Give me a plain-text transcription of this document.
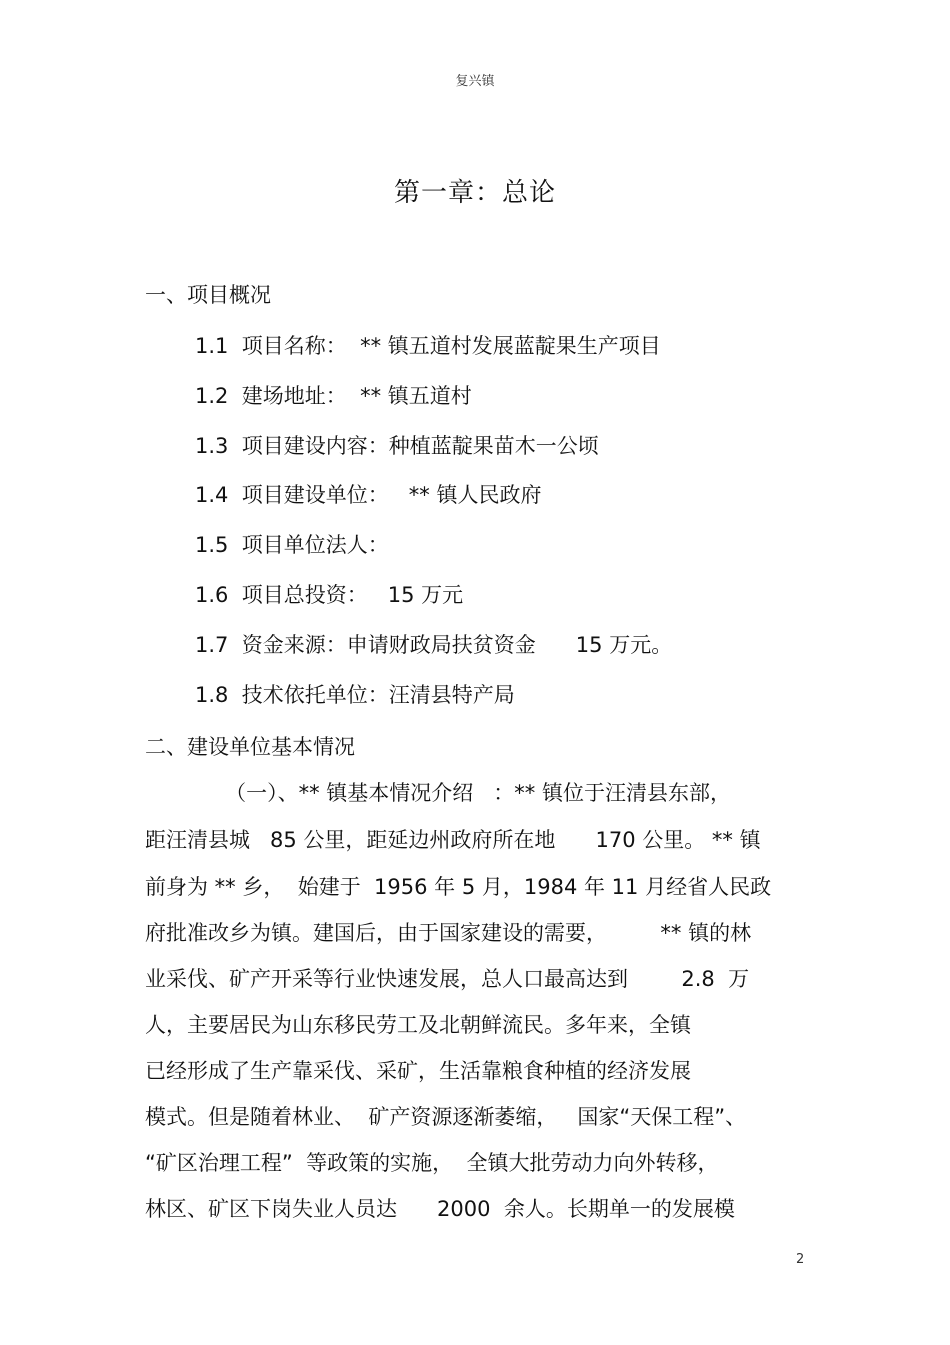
复兴镇
第一章：总论
一、项目概况
1.1  项目名称：  ** 镇五道村发展蓝靛果生产项目
1.2  建场地址：  ** 镇五道村
1.3  项目建设内容：种植蓝靛果苗木一公顷
1.4  项目建设单位：   ** 镇人民政府
1.5  项目单位法人：
1.6  项目总投资：   15 万元
1.7  资金来源：申请财政局扶贫资金      15 万元。
1.8  技术依托单位：汪清县特产局
二、建设单位基本情况
（一）、** 镇基本情况介绍   ：** 镇位于汪清县东部，
距汪清县城   85 公里，距延边州政府所在地      170 公里。 ** 镇
前身为 ** 乡，  始建于  1956 年 5 月，1984 年 11 月经省人民政
府批准改乡为镇。建国后，由于国家建设的需要，        ** 镇的林
业采伐、矿产开采等行业快速发展，总人口最高达到        2.8  万
人，主要居民为山东移民劳工及北朝鲜流民。多年来，全镇
已经形成了生产靠采伐、采矿，生活靠粮食种植的经济发展
模式。但是随着林业、  矿产资源逐渐萎缩，   国家“天保工程”、
“矿区治理工程”  等政策的实施，  全镇大批劳动力向外转移，
林区、矿区下岗失业人员达      2000  余人。长期单一的发展模
2
